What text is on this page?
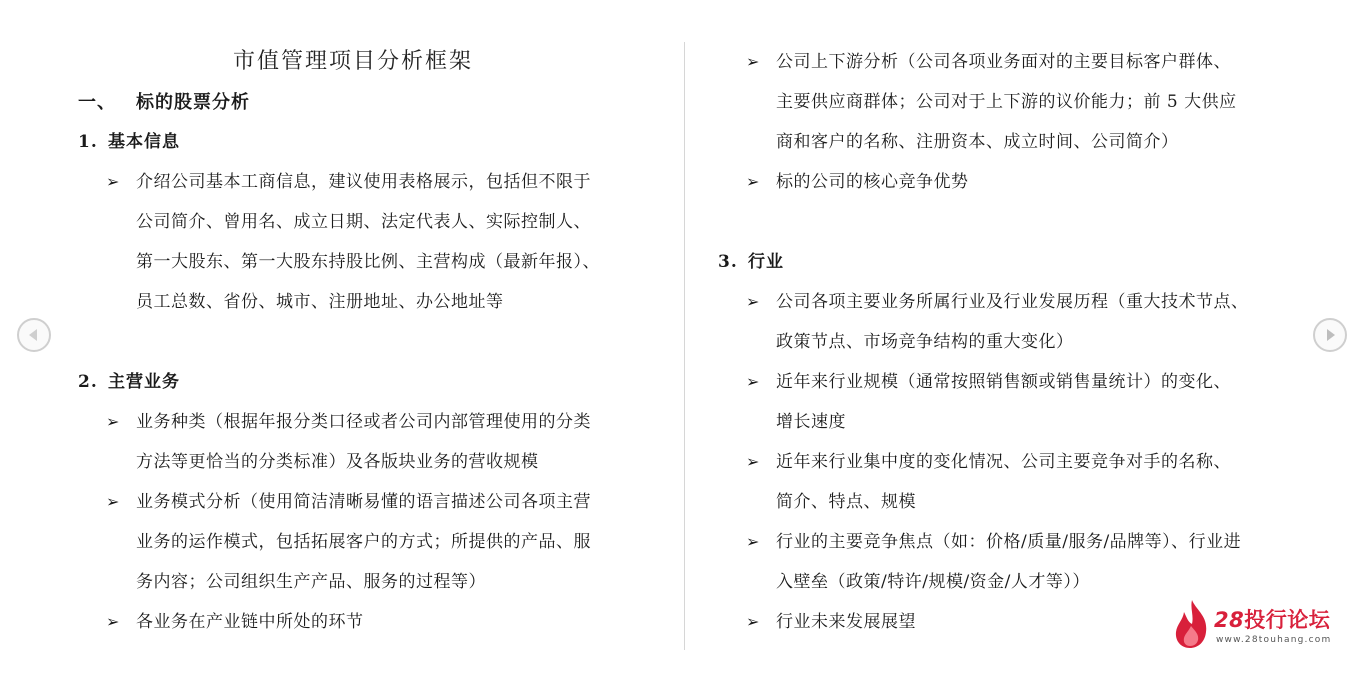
市值管理项目分析框架
一、 标的股票分析
1. 基本信息
➢ 介绍公司基本工商信息，建议使用表格展示，包括但不限于
公司简介、曾用名、成立日期、法定代表人、实际控制人、
第一大股东、第一大股东持股比例、主营构成（最新年报）、
员工总数、省份、城市、注册地址、办公地址等
2. 主营业务
➢ 业务种类（根据年报分类口径或者公司内部管理使用的分类
方法等更恰当的分类标准）及各版块业务的营收规模
➢ 业务模式分析（使用简洁清晰易懂的语言描述公司各项主营
业务的运作模式，包括拓展客户的方式；所提供的产品、服
务内容；公司组织生产产品、服务的过程等）
➢ 各业务在产业链中所处的环节
➢ 公司上下游分析（公司各项业务面对的主要目标客户群体、
主要供应商群体；公司对于上下游的议价能力；前 5 大供应
商和客户的名称、注册资本、成立时间、公司简介）
➢ 标的公司的核心竞争优势
3. 行业
➢ 公司各项主要业务所属行业及行业发展历程（重大技术节点、
政策节点、市场竞争结构的重大变化）
➢ 近年来行业规模（通常按照销售额或销售量统计）的变化、
增长速度
➢ 近年来行业集中度的变化情况、公司主要竞争对手的名称、
简介、特点、规模
➢ 行业的主要竞争焦点（如：价格/质量/服务/品牌等）、行业进
入壁垒（政策/特许/规模/资金/人才等））
➢ 行业未来发展展望	28投行论坛
www.28touhang.com
